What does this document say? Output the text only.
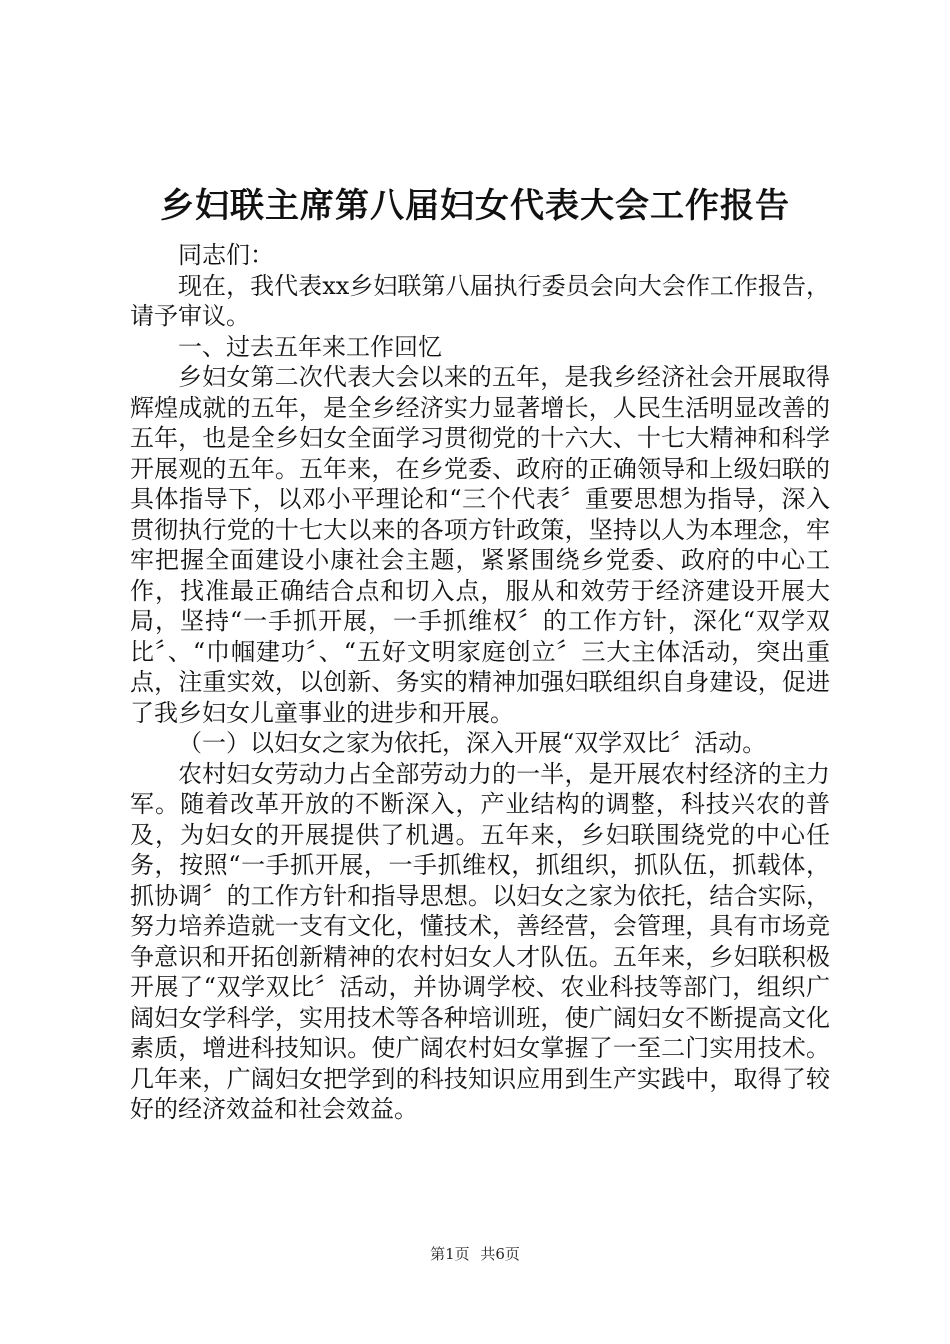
乡妇联主席第八届妇女代表大会工作报告

同志们：

现在，我代表xx乡妇联第八届执行委员会向大会作工作报告，请予审议。

一、过去五年来工作回忆

乡妇女第二次代表大会以来的五年，是我乡经济社会开展取得辉煌成就的五年，是全乡经济实力显著增长，人民生活明显改善的五年，也是全乡妇女全面学习贯彻党的十六大、十七大精神和科学开展观的五年。五年来，在乡党委、政府的正确领导和上级妇联的具体指导下，以邓小平理论和“三个代表〞重要思想为指导，深入贯彻执行党的十七大以来的各项方针政策，坚持以人为本理念，牢牢把握全面建设小康社会主题，紧紧围绕乡党委、政府的中心工作，找准最正确结合点和切入点，服从和效劳于经济建设开展大局，坚持“一手抓开展，一手抓维权〞的工作方针，深化“双学双比〞、“巾帼建功〞、“五好文明家庭创立〞三大主体活动，突出重点，注重实效，以创新、务实的精神加强妇联组织自身建设，促进了我乡妇女儿童事业的进步和开展。

（一）以妇女之家为依托，深入开展“双学双比〞活动。

农村妇女劳动力占全部劳动力的一半，是开展农村经济的主力军。随着改革开放的不断深入，产业结构的调整，科技兴农的普及，为妇女的开展提供了机遇。五年来，乡妇联围绕党的中心任务，按照“一手抓开展，一手抓维权，抓组织，抓队伍，抓载体，抓协调〞的工作方针和指导思想。以妇女之家为依托，结合实际，努力培养造就一支有文化，懂技术，善经营，会管理，具有市场竞争意识和开拓创新精神的农村妇女人才队伍。五年来，乡妇联积极开展了“双学双比〞活动，并协调学校、农业科技等部门，组织广阔妇女学科学，实用技术等各种培训班，使广阔妇女不断提高文化素质，增进科技知识。使广阔农村妇女掌握了一至二门实用技术。几年来，广阔妇女把学到的科技知识应用到生产实践中，取得了较好的经济效益和社会效益。

第1页 共6页
